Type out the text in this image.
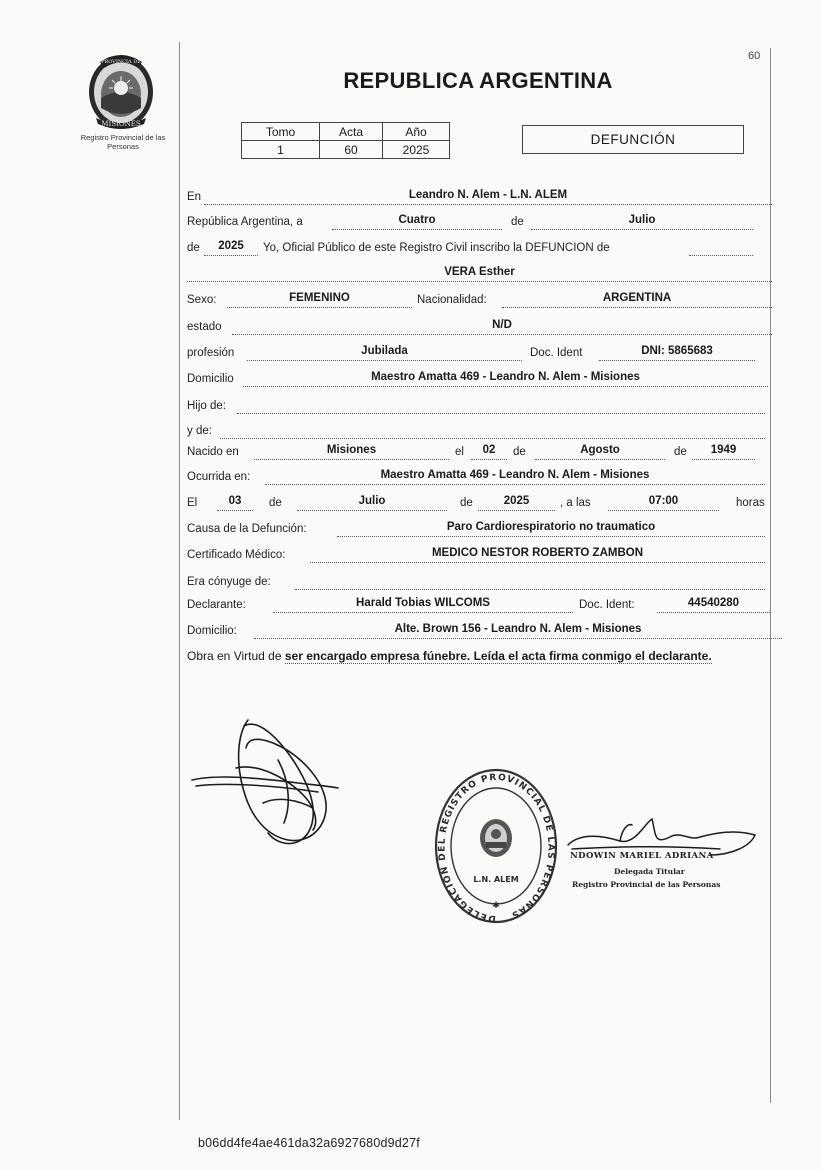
60
MISIONES
PROVINCIA DE
Registro Provincial de las Personas
REPUBLICA ARGENTINA
Tomo	Acta	Año
1	60	2025
DEFUNCIÓN
En	Leandro N. Alem - L.N. ALEM
República Argentina, a	Cuatro	de	Julio
de	2025	Yo, Oficial Público de este Registro Civil inscribo la DEFUNCION de
VERA Esther
Sexo:	FEMENINO	Nacionalidad:	ARGENTINA
estado	N/D
profesión	Jubilada	Doc. Ident	DNI: 5865683
Domicilio	Maestro Amatta 469 - Leandro N. Alem - Misiones
Hijo de:
y de:
Nacido en	Misiones	el	02	de	Agosto	de	1949
Ocurrida en:	Maestro Amatta 469 - Leandro N. Alem - Misiones
El	03	de	Julio	de	2025	, a las	07:00	horas
Causa de la Defunción:	Paro Cardiorespiratorio no traumatico
Certificado Médico:	MEDICO NESTOR ROBERTO ZAMBON
Era cónyuge de:
Declarante:	Harald Tobias WILCOMS	Doc. Ident:	44540280
Domicilio:	Alte. Brown 156 - Leandro N. Alem - Misiones
Obra en Virtud de ser encargado empresa fúnebre. Leída el acta firma conmigo el declarante.
DELEGACION DEL REGISTRO PROVINCIAL DE LAS PERSONAS
L.N. ALEM
✱
NDOWIN MARIEL ADRIANA
Delegada Titular
Registro Provincial de las Personas
b06dd4fe4ae461da32a6927680d9d27f
